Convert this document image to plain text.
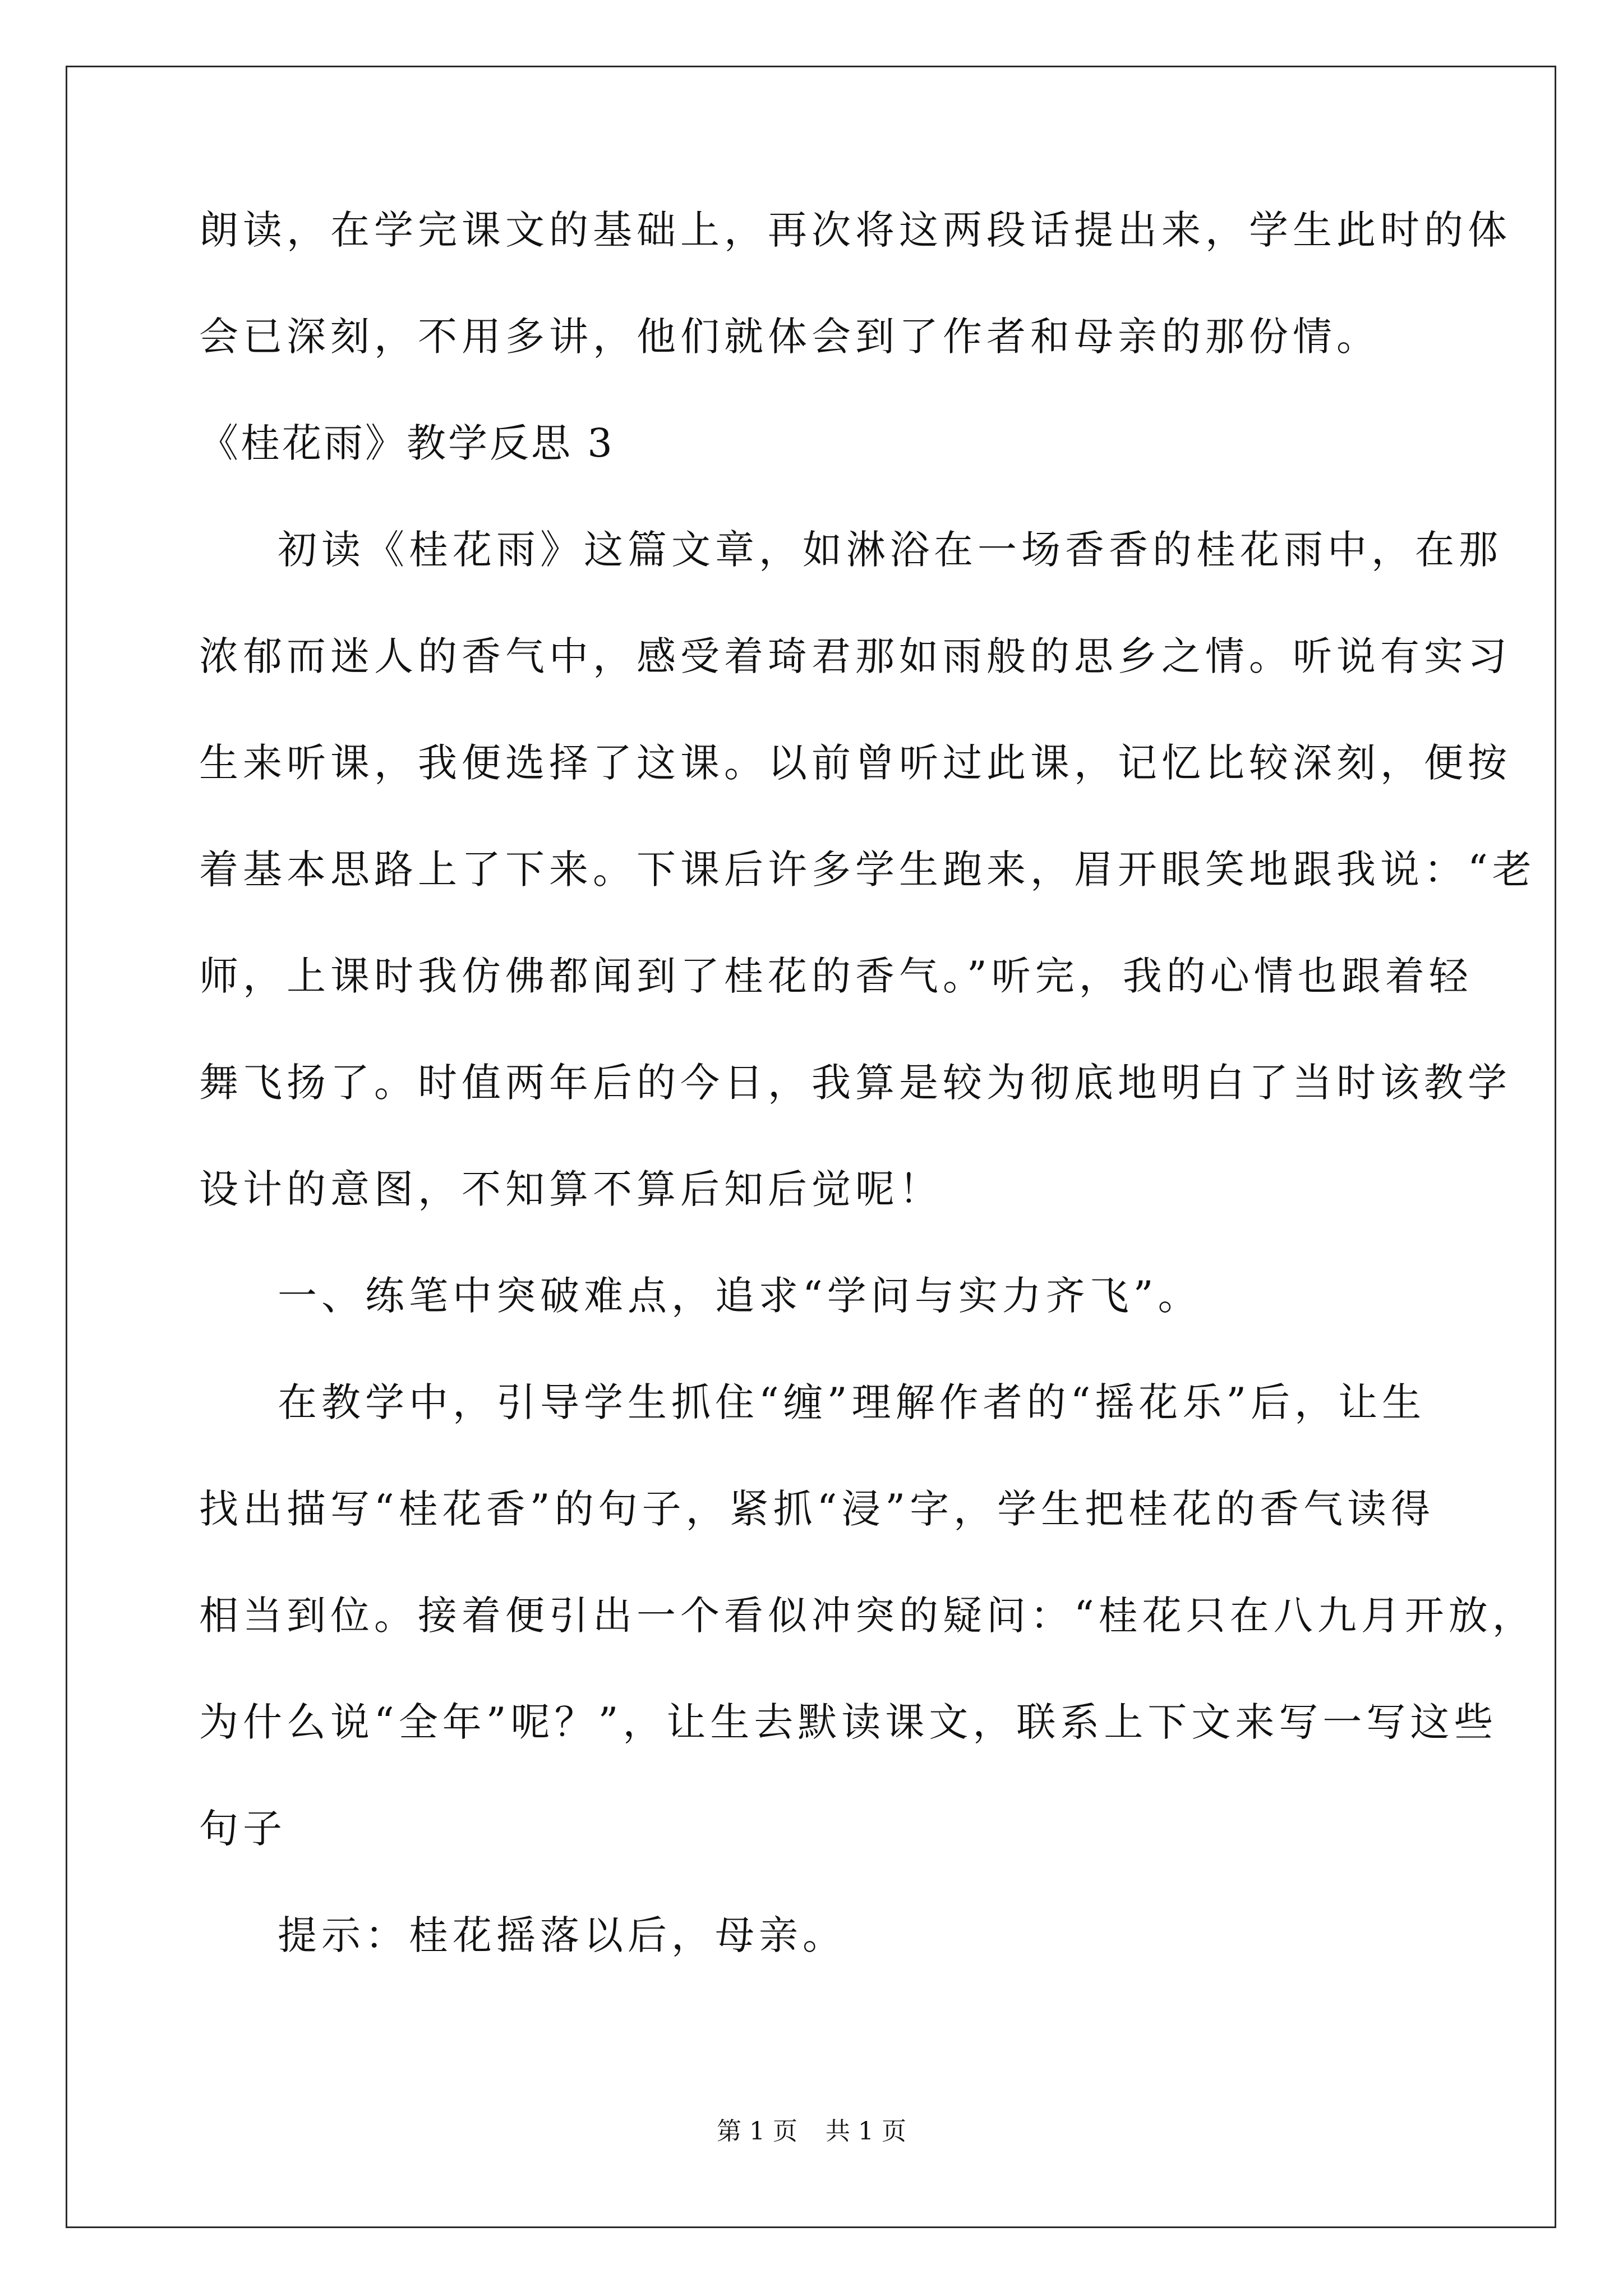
朗读，在学完课文的基础上，再次将这两段话提出来，学生此时的体
会已深刻，不用多讲，他们就体会到了作者和母亲的那份情。
《桂花雨》教学反思 3
初读《桂花雨》这篇文章，如淋浴在一场香香的桂花雨中，在那
浓郁而迷人的香气中，感受着琦君那如雨般的思乡之情。听说有实习
生来听课，我便选择了这课。以前曾听过此课，记忆比较深刻，便按
着基本思路上了下来。下课后许多学生跑来，眉开眼笑地跟我说：“老
师，上课时我仿佛都闻到了桂花的香气。”听完，我的心情也跟着轻
舞飞扬了。时值两年后的今日，我算是较为彻底地明白了当时该教学
设计的意图，不知算不算后知后觉呢！
一、练笔中突破难点，追求“学问与实力齐飞”。
在教学中，引导学生抓住“缠”理解作者的“摇花乐”后，让生
找出描写“桂花香”的句子，紧抓“浸”字，学生把桂花的香气读得
相当到位。接着便引出一个看似冲突的疑问：“桂花只在八九月开放，
为什么说“全年”呢？”，让生去默读课文，联系上下文来写一写这些
句子
提示：桂花摇落以后，母亲。
第 1 页 共 1 页
